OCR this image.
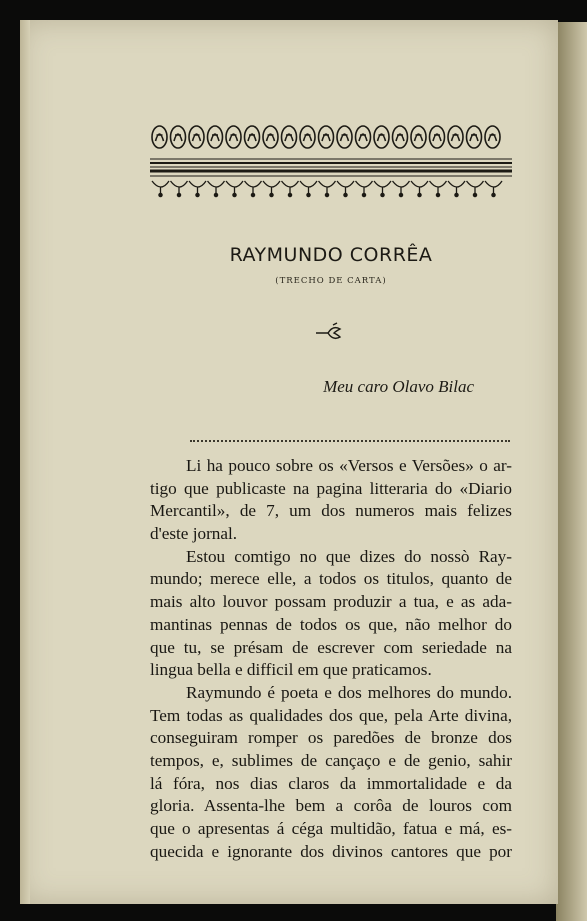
RAYMUNDO CORRÊA
(TRECHO DE CARTA)
Meu caro Olavo Bilac
Li ha pouco sobre os «Versos e Versões» o ar-
tigo que publicaste na pagina litteraria do «Diario
Mercantil», de 7, um dos numeros mais felizes
d'este jornal.
Estou comtigo no que dizes do nossò Ray-
mundo; merece elle, a todos os titulos, quanto de
mais alto louvor possam produzir a tua, e as ada-
mantinas pennas de todos os que, não melhor do
que tu, se présam de escrever com seriedade na
lingua bella e difficil em que praticamos.
Raymundo é poeta e dos melhores do mundo.
Tem todas as qualidades dos que, pela Arte divina,
conseguiram romper os paredões de bronze dos
tempos, e, sublimes de cançaço e de genio, sahir
lá fóra, nos dias claros da immortalidade e da
gloria. Assenta-lhe bem a corôa de louros com
que o apresentas á céga multidão, fatua e má, es-
quecida e ignorante dos divinos cantores que por
